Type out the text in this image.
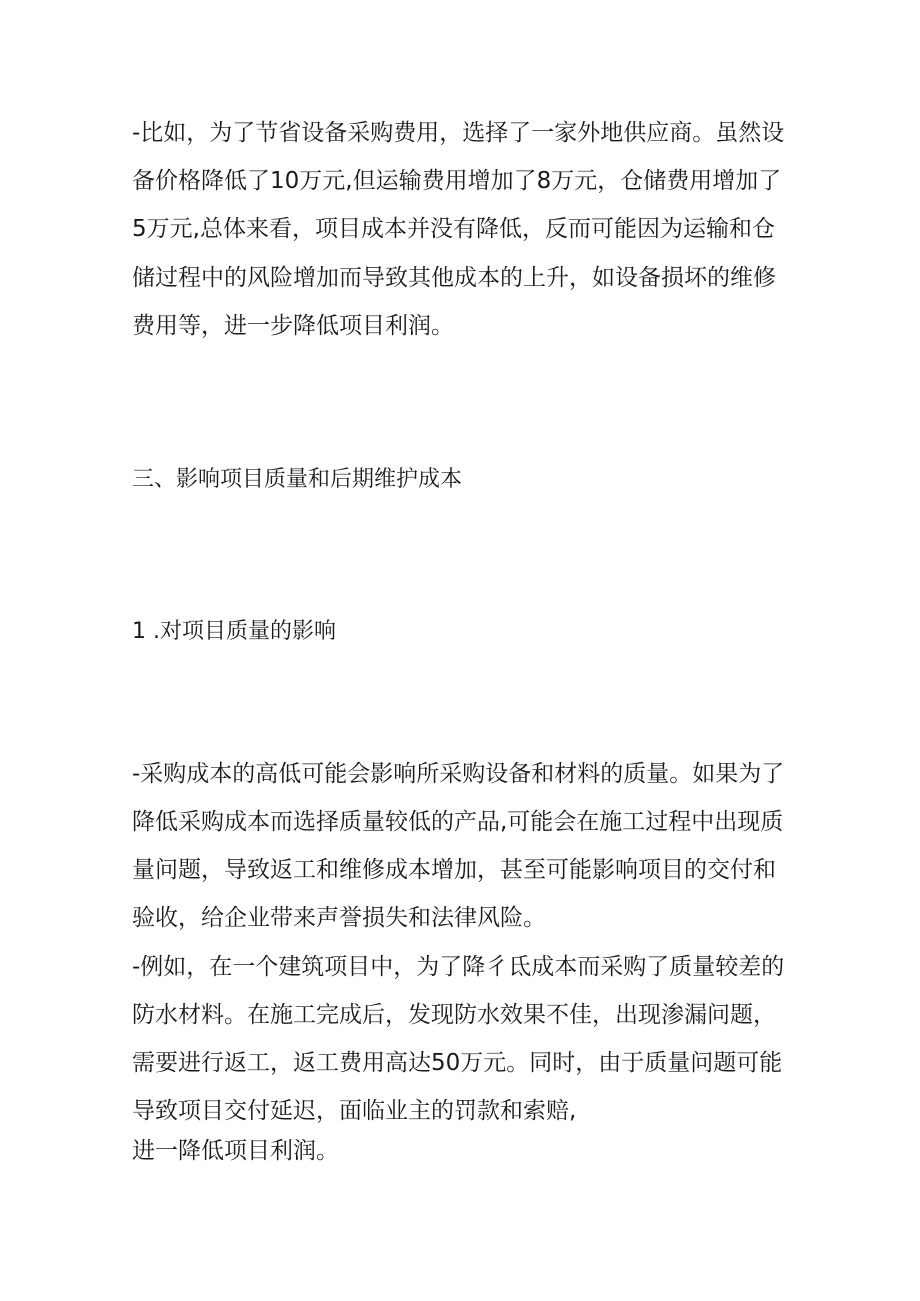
-比如，为了节省设备采购费用，选择了一家外地供应商。虽然设
备价格降低了10万元,但运输费用增加了8万元，仓储费用增加了
5万元,总体来看，项目成本并没有降低，反而可能因为运输和仓
储过程中的风险增加而导致其他成本的上升，如设备损坏的维修
费用等，进一步降低项目利润。
三、影响项目质量和后期维护成本
1 .对项目质量的影响
-采购成本的高低可能会影响所采购设备和材料的质量。如果为了
降低采购成本而选择质量较低的产品,可能会在施工过程中出现质
量问题，导致返工和维修成本增加，甚至可能影响项目的交付和
验收，给企业带来声誉损失和法律风险。
-例如，在一个建筑项目中，为了降彳氐成本而采购了质量较差的
防水材料。在施工完成后，发现防水效果不佳，出现渗漏问题，
需要进行返工，返工费用高达50万元。同时，由于质量问题可能
导致项目交付延迟，面临业主的罚款和索赔,
进一降低项目利润。
